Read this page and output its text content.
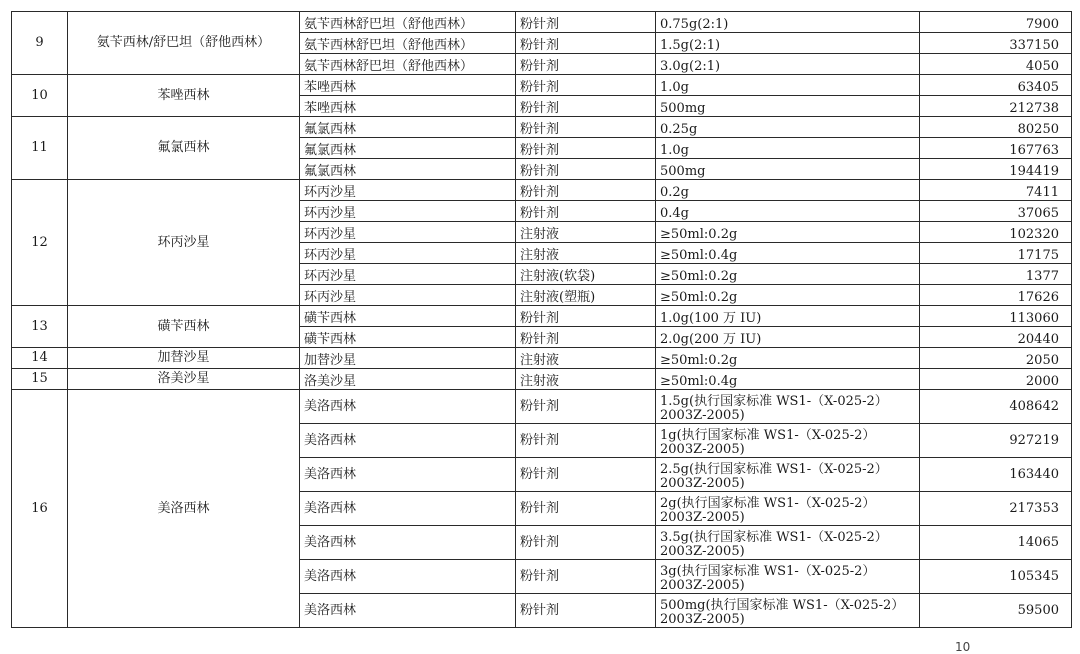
9	氨苄西林/舒巴坦（舒他西林）	氨苄西林舒巴坦（舒他西林）	粉针剂	0.75g(2:1)	7900
		氨苄西林舒巴坦（舒他西林）	粉针剂	1.5g(2:1)	337150
		氨苄西林舒巴坦（舒他西林）	粉针剂	3.0g(2:1)	4050
10	苯唑西林	苯唑西林	粉针剂	1.0g	63405
		苯唑西林	粉针剂	500mg	212738
11	氟氯西林	氟氯西林	粉针剂	0.25g	80250
		氟氯西林	粉针剂	1.0g	167763
		氟氯西林	粉针剂	500mg	194419
12	环丙沙星	环丙沙星	粉针剂	0.2g	7411
		环丙沙星	粉针剂	0.4g	37065
		环丙沙星	注射液	≥50ml:0.2g	102320
		环丙沙星	注射液	≥50ml:0.4g	17175
		环丙沙星	注射液(软袋)	≥50ml:0.2g	1377
		环丙沙星	注射液(塑瓶)	≥50ml:0.2g	17626
13	磺苄西林	磺苄西林	粉针剂	1.0g(100 万 IU)	113060
		磺苄西林	粉针剂	2.0g(200 万 IU)	20440
14	加替沙星	加替沙星	注射液	≥50ml:0.2g	2050
15	洛美沙星	洛美沙星	注射液	≥50ml:0.4g	2000
16	美洛西林	美洛西林	粉针剂	1.5g(执行国家标准 WS1-（X-025-2）2003Z-2005)	408642
		美洛西林	粉针剂	1g(执行国家标准 WS1-（X-025-2）2003Z-2005)	927219
		美洛西林	粉针剂	2.5g(执行国家标准 WS1-（X-025-2）2003Z-2005)	163440
		美洛西林	粉针剂	2g(执行国家标准 WS1-（X-025-2）2003Z-2005)	217353
		美洛西林	粉针剂	3.5g(执行国家标准 WS1-（X-025-2）2003Z-2005)	14065
		美洛西林	粉针剂	3g(执行国家标准 WS1-（X-025-2）2003Z-2005)	105345
		美洛西林	粉针剂	500mg(执行国家标准 WS1-（X-025-2）2003Z-2005)	59500
10
